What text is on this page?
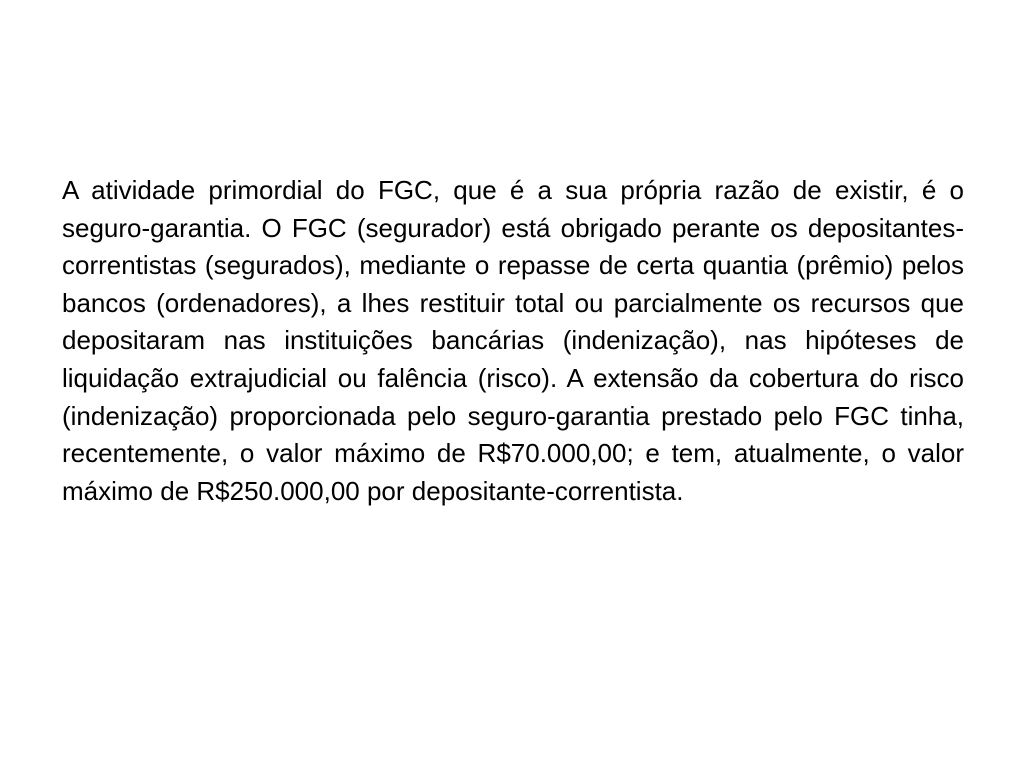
A atividade primordial do FGC, que é a sua própria razão de existir, é o seguro-garantia. O FGC (segurador) está obrigado perante os depositantes-correntistas (segurados), mediante o repasse de certa quantia (prêmio) pelos bancos (ordenadores), a lhes restituir total ou parcialmente os recursos que depositaram nas instituições bancárias (indenização), nas hipóteses de liquidação extrajudicial ou falência (risco). A extensão da cobertura do risco (indenização) proporcionada pelo seguro-garantia prestado pelo FGC tinha, recentemente, o valor máximo de R$70.000,00; e tem, atualmente, o valor máximo de R$250.000,00 por depositante-correntista.
